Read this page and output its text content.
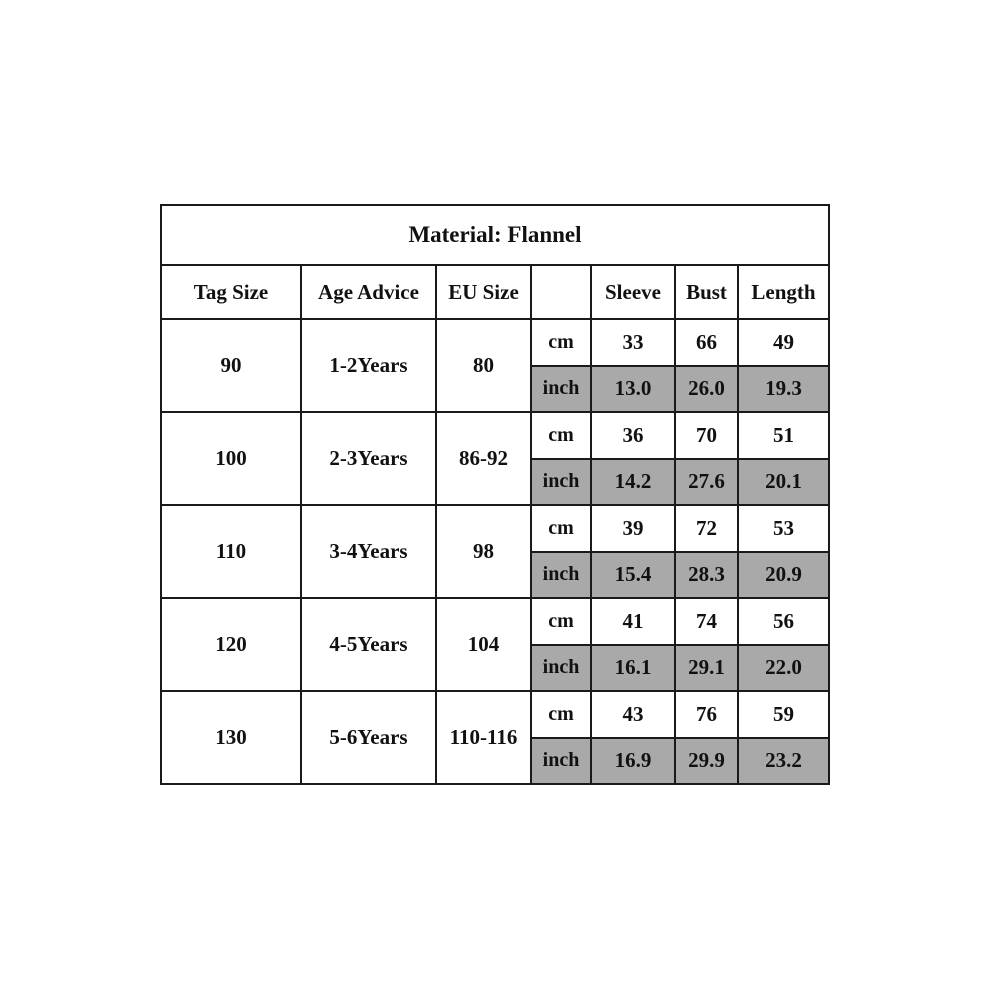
Material: Flannel						
Tag Size	Age Advice	EU Size		Sleeve	Bust	Length
90	1-2Years	80	cm	33	66	49
			inch	13.0	26.0	19.3
100	2-3Years	86-92	cm	36	70	51
			inch	14.2	27.6	20.1
110	3-4Years	98	cm	39	72	53
			inch	15.4	28.3	20.9
120	4-5Years	104	cm	41	74	56
			inch	16.1	29.1	22.0
130	5-6Years	110-116	cm	43	76	59
			inch	16.9	29.9	23.2
